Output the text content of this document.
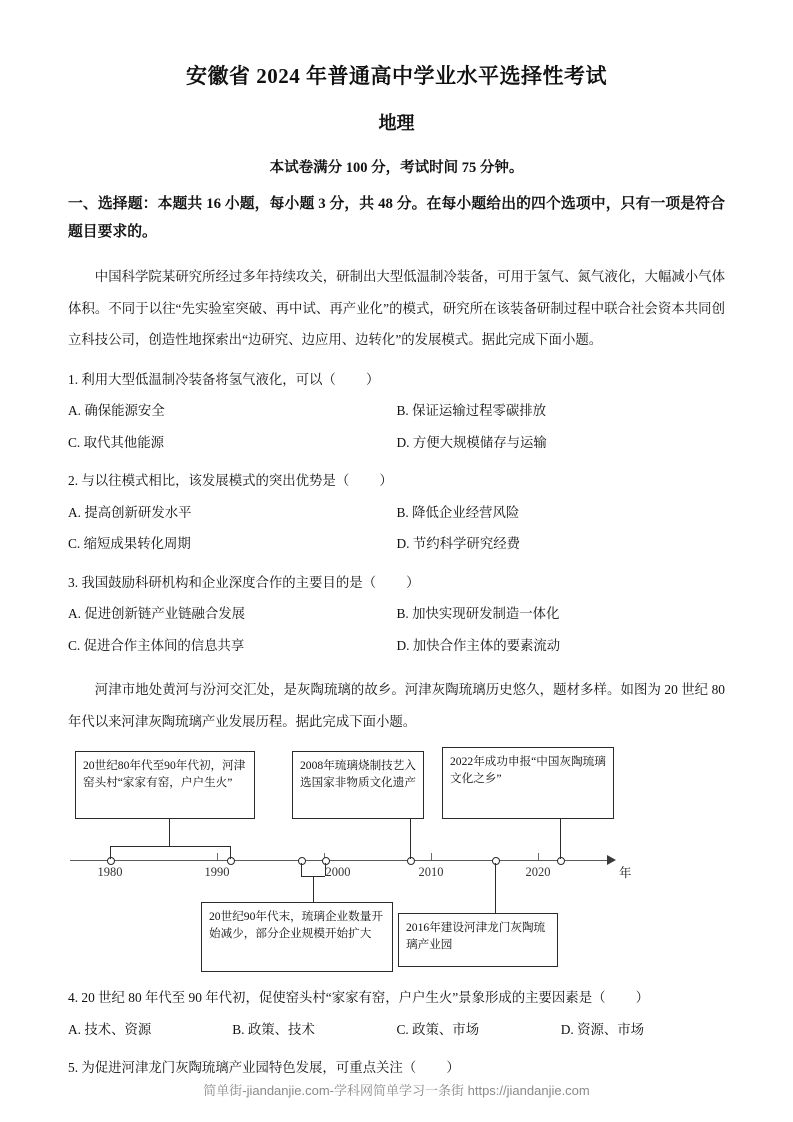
安徽省 2024 年普通高中学业水平选择性考试
地理

本试卷满分 100 分，考试时间 75 分钟。

一、选择题：本题共 16 小题，每小题 3 分，共 48 分。在每小题给出的四个选项中，只有一项是符合题目要求的。

中国科学院某研究所经过多年持续攻关，研制出大型低温制冷装备，可用于氢气、氮气液化，大幅减小气体体积。不同于以往“先实验室突破、再中试、再产业化”的模式，研究所在该装备研制过程中联合社会资本共同创立科技公司，创造性地探索出“边研究、边应用、边转化”的发展模式。据此完成下面小题。

1. 利用大型低温制冷装备将氢气液化，可以（ ）

A. 确保能源安全	B. 保证运输过程零碳排放
C. 取代其他能源	D. 方便大规模储存与运输

2. 与以往模式相比，该发展模式的突出优势是（ ）

A. 提高创新研发水平	B. 降低企业经营风险
C. 缩短成果转化周期	D. 节约科学研究经费

3. 我国鼓励科研机构和企业深度合作的主要目的是（ ）

A. 促进创新链产业链融合发展	B. 加快实现研发制造一体化
C. 促进合作主体间的信息共享	D. 加快合作主体的要素流动

河津市地处黄河与汾河交汇处，是灰陶琉璃的故乡。河津灰陶琉璃历史悠久，题材多样。如图为 20 世纪 80 年代以来河津灰陶琉璃产业发展历程。据此完成下面小题。

年
1980	1990	2000	2010	2020
20世纪80年代至90年代初，河津窑头村“家家有窑，户户生火”
2008年琉璃烧制技艺入选国家非物质文化遗产
2022年成功申报“中国灰陶琉璃文化之乡”
20世纪90年代末，琉璃企业数量开始减少，部分企业规模开始扩大	2016年建设河津龙门灰陶琉璃产业园

4. 20 世纪 80 年代至 90 年代初，促使窑头村“家家有窑，户户生火”景象形成的主要因素是（ ）

A. 技术、资源	B. 政策、技术	C. 政策、市场	D. 资源、市场

5. 为促进河津龙门灰陶琉璃产业园特色发展，可重点关注（ ）

简单街-jiandanjie.com-学科网简单学习一条街 https://jiandanjie.com
